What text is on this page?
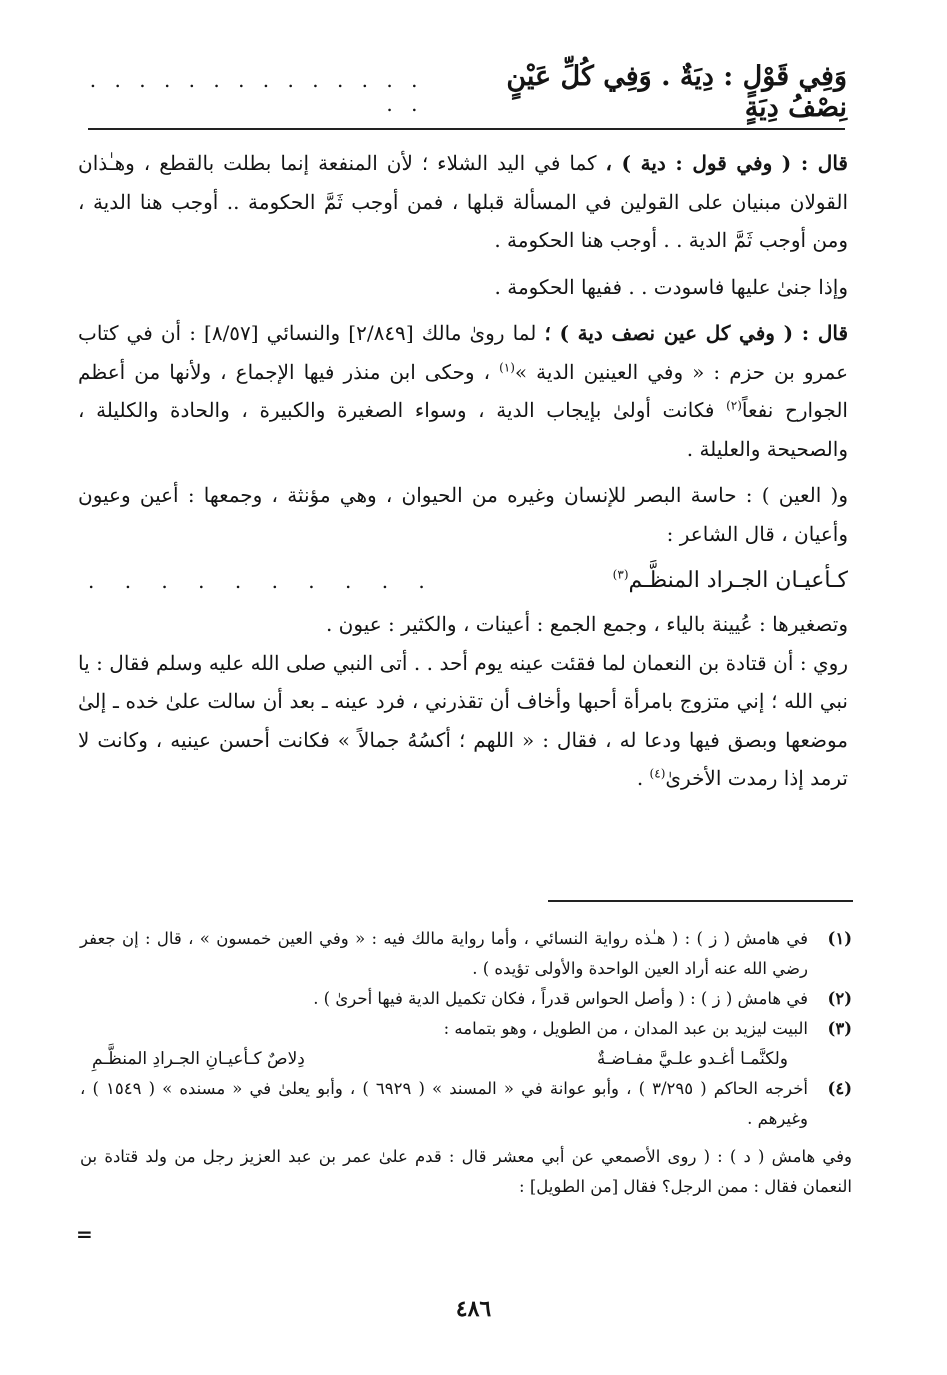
وَفِي قَوْلٍ : دِيَةٌ . وَفِي كُلِّ عَيْنٍ نِصْفُ دِيَةٍ
. . . . . . . . . . . . . . . .

قال : ( وفي قول : دية ) ، كما في اليد الشلاء ؛ لأن المنفعة إنما بطلت بالقطع ، وهـٰذان القولان مبنيان على القولين في المسألة قبلها ، فمن أوجب ثَمَّ الحكومة .. أوجب هنا الدية ، ومن أوجب ثَمَّ الدية . . أوجب هنا الحكومة .

وإذا جنىٰ عليها فاسودت . . ففيها الحكومة .

قال : ( وفي كل عين نصف دية ) ؛ لما روىٰ مالك [٢/٨٤٩] والنسائي [٨/٥٧] : أن في كتاب عمرو بن حزم : « وفي العينين الدية »$^{(١)}$ ، وحكى ابن منذر فيها الإجماع ، ولأنها من أعظم الجوارح نفعاً$^{(٢)}$ فكانت أولىٰ بإيجاب الدية ، وسواء الصغيرة والكبيرة ، والحادة والكليلة ، والصحيحة والعليلة .

و( العين ) : حاسة البصر للإنسان وغيره من الحيوان ، وهي مؤنثة ، وجمعها : أعين وعيون وأعيان ، قال الشاعر :

كـأعيـان الجـراد المنظَّـم$^{(٣)}$
. . . . . . . . . .

وتصغيرها : عُيينة بالياء ، وجمع الجمع : أعينات ، والكثير : عيون .

روي : أن قتادة بن النعمان لما فقئت عينه يوم أحد . . أتى النبي صلى الله عليه وسلم فقال : يا نبي الله ؛ إني متزوج بامرأة أحبها وأخاف أن تقذرني ، فرد عينه ـ بعد أن سالت علىٰ خده ـ إلىٰ موضعها وبصق فيها ودعا له ، فقال : « اللهم ؛ أكسُهُ جمالاً » فكانت أحسن عينيه ، وكانت لا ترمد إذا رمدت الأخرىٰ$^{(٤)}$ .

(١)
في هامش ( ز ) : ( هـٰذه رواية النسائي ، وأما رواية مالك فيه : « وفي العين خمسون » ، قال : إن جعفر رضي الله عنه أراد العين الواحدة والأولى تؤيده ) .
(٢)
في هامش ( ز ) : ( وأصل الحواس قدراً ، فكان تكميل الدية فيها أحرىٰ ) .
(٣)
البيت ليزيد بن عبد المدان ، من الطويل ، وهو بتمامه :
ولكنَّمـا أغـدو علـيَّ مفـاضـةٌ
دِلاصٌ كـأعيـانِ الجـرادِ المنظَّـمِ
(٤)
أخرجه الحاكم ( ٣/٢٩٥ ) ، وأبو عوانة في « المسند » ( ٦٩٢٩ ) ، وأبو يعلىٰ في « مسنده » ( ١٥٤٩ ) ، وغيرهم .
وفي هامش ( د ) : ( روى الأصمعي عن أبي معشر قال : قدم علىٰ عمر بن عبد العزيز رجل من ولد قتادة بن النعمان فقال : ممن الرجل؟ فقال [من الطويل] :
=
٤٨٦
